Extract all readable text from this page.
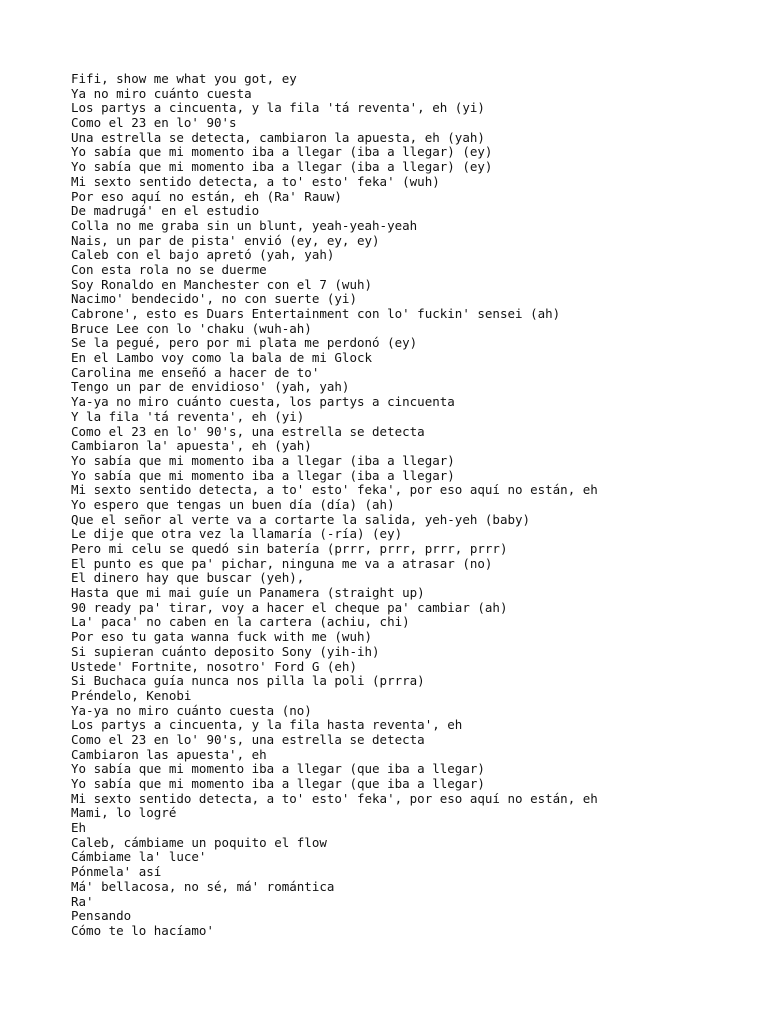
Fifi, show me what you got, ey
Ya no miro cuánto cuesta
Los partys a cincuenta, y la fila 'tá reventa', eh (yi)
Como el 23 en lo' 90's
Una estrella se detecta, cambiaron la apuesta, eh (yah)
Yo sabía que mi momento iba a llegar (iba a llegar) (ey)
Yo sabía que mi momento iba a llegar (iba a llegar) (ey)
Mi sexto sentido detecta, a to' esto' feka' (wuh)
Por eso aquí no están, eh (Ra' Rauw)
De madrugá' en el estudio
Colla no me graba sin un blunt, yeah-yeah-yeah
Nais, un par de pista' envió (ey, ey, ey)
Caleb con el bajo apretó (yah, yah)
Con esta rola no se duerme
Soy Ronaldo en Manchester con el 7 (wuh)
Nacimo' bendecido', no con suerte (yi)
Cabrone', esto es Duars Entertainment con lo' fuckin' sensei (ah)
Bruce Lee con lo 'chaku (wuh-ah)
Se la pegué, pero por mi plata me perdonó (ey)
En el Lambo voy como la bala de mi Glock
Carolina me enseñó a hacer de to'
Tengo un par de envidioso' (yah, yah)
Ya-ya no miro cuánto cuesta, los partys a cincuenta
Y la fila 'tá reventa', eh (yi)
Como el 23 en lo' 90's, una estrella se detecta
Cambiaron la' apuesta', eh (yah)
Yo sabía que mi momento iba a llegar (iba a llegar)
Yo sabía que mi momento iba a llegar (iba a llegar)
Mi sexto sentido detecta, a to' esto' feka', por eso aquí no están, eh
Yo espero que tengas un buen día (día) (ah)
Que el señor al verte va a cortarte la salida, yeh-yeh (baby)
Le dije que otra vez la llamaría (-ría) (ey)
Pero mi celu se quedó sin batería (prrr, prrr, prrr, prrr)
El punto es que pa' pichar, ninguna me va a atrasar (no)
El dinero hay que buscar (yeh),
Hasta que mi mai guíe un Panamera (straight up)
90 ready pa' tirar, voy a hacer el cheque pa' cambiar (ah)
La' paca' no caben en la cartera (achiu, chi)
Por eso tu gata wanna fuck with me (wuh)
Si supieran cuánto deposito Sony (yih-ih)
Ustede' Fortnite, nosotro' Ford G (eh)
Si Buchaca guía nunca nos pilla la poli (prrra)
Préndelo, Kenobi
Ya-ya no miro cuánto cuesta (no)
Los partys a cincuenta, y la fila hasta reventa', eh
Como el 23 en lo' 90's, una estrella se detecta
Cambiaron las apuesta', eh
Yo sabía que mi momento iba a llegar (que iba a llegar)
Yo sabía que mi momento iba a llegar (que iba a llegar)
Mi sexto sentido detecta, a to' esto' feka', por eso aquí no están, eh
Mami, lo logré
Eh
Caleb, cámbiame un poquito el flow
Cámbiame la' luce'
Pónmela' así
Má' bellacosa, no sé, má' romántica
Ra'
Pensando
Cómo te lo hacíamo'
